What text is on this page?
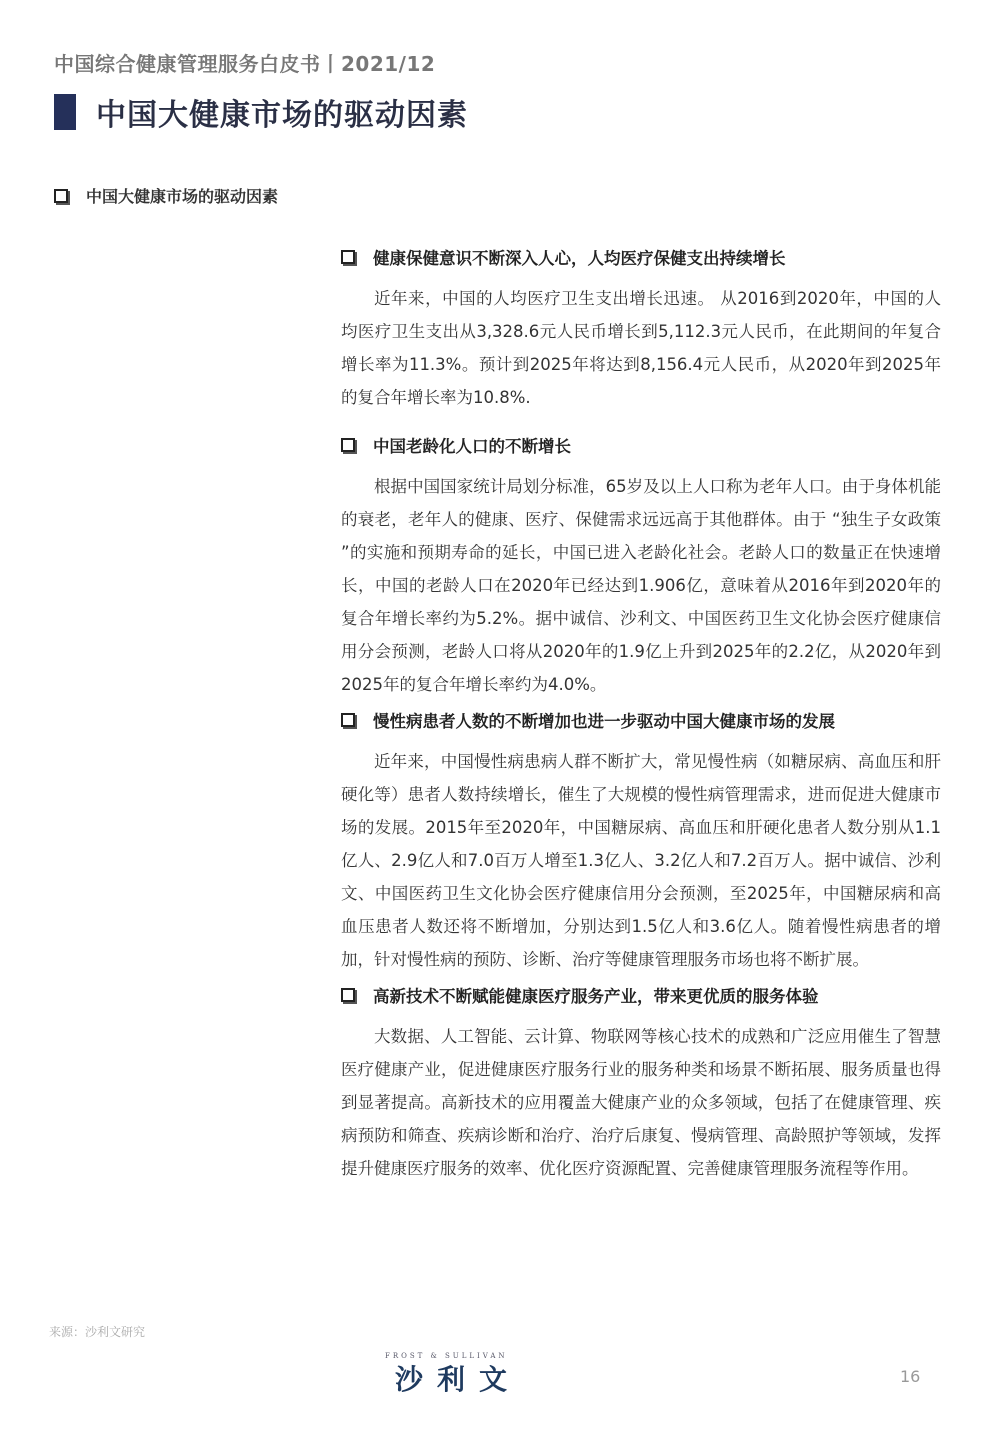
中国综合健康管理服务白皮书丨2021/12
中国大健康市场的驱动因素
中国大健康市场的驱动因素
健康保健意识不断深入人心，人均医疗保健支出持续增长

近年来，中国的人均医疗卫生支出增长迅速。 从2016到2020年，中国的人均医疗卫生支出从3,328.6元人民币增长到5,112.3元人民币，在此期间的年复合增长率为11.3%。预计到2025年将达到8,156.4元人民币，从2020年到2025年的复合年增长率为10.8%.

中国老龄化人口的不断增长

根据中国国家统计局划分标准，65岁及以上人口称为老年人口。由于身体机能的衰老，老年人的健康、医疗、保健需求远远高于其他群体。由于 “独生子女政策 ”的实施和预期寿命的延长，中国已进入老龄化社会。老龄人口的数量正在快速增长，中国的老龄人口在2020年已经达到1.906亿，意味着从2016年到2020年的复合年增长率约为5.2%。据中诚信、沙利文、中国医药卫生文化协会医疗健康信用分会预测，老龄人口将从2020年的1.9亿上升到2025年的2.2亿，从2020年到2025年的复合年增长率约为4.0%。

慢性病患者人数的不断增加也进一步驱动中国大健康市场的发展

近年来，中国慢性病患病人群不断扩大，常见慢性病（如糖尿病、高血压和肝硬化等）患者人数持续增长，催生了大规模的慢性病管理需求，进而促进大健康市场的发展。2015年至2020年，中国糖尿病、高血压和肝硬化患者人数分别从1.1亿人、2.9亿人和7.0百万人增至1.3亿人、3.2亿人和7.2百万人。据中诚信、沙利文、中国医药卫生文化协会医疗健康信用分会预测，至2025年，中国糖尿病和高血压患者人数还将不断增加，分别达到1.5亿人和3.6亿人。随着慢性病患者的增加，针对慢性病的预防、诊断、治疗等健康管理服务市场也将不断扩展。

高新技术不断赋能健康医疗服务产业，带来更优质的服务体验

大数据、人工智能、云计算、物联网等核心技术的成熟和广泛应用催生了智慧医疗健康产业，促进健康医疗服务行业的服务种类和场景不断拓展、服务质量也得到显著提高。高新技术的应用覆盖大健康产业的众多领域，包括了在健康管理、疾病预防和筛查、疾病诊断和治疗、治疗后康复、慢病管理、高龄照护等领域，发挥提升健康医疗服务的效率、优化医疗资源配置、完善健康管理服务流程等作用。

来源：沙利文研究
FROST & SULLIVAN
沙利文	16
